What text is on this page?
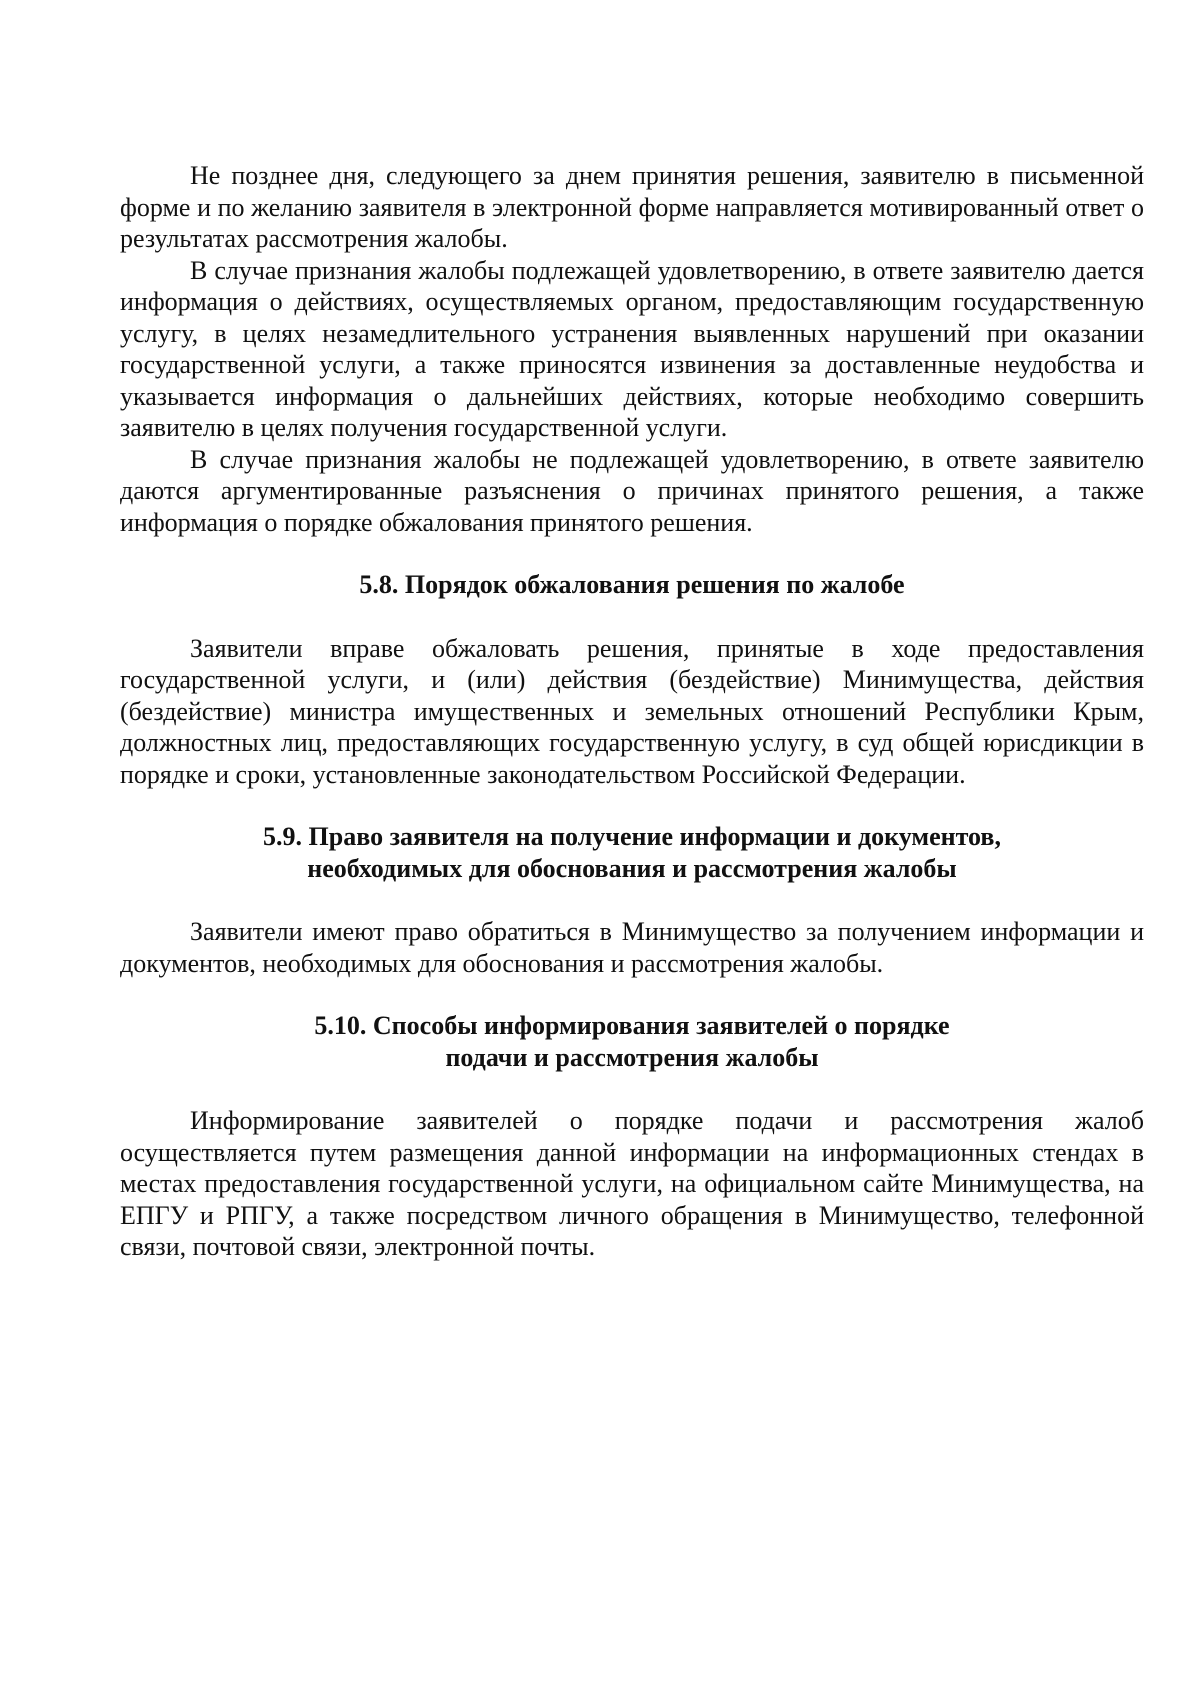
Не позднее дня, следующего за днем принятия решения, заявителю в письменной форме и по желанию заявителя в электронной форме направляется мотивированный ответ о результатах рассмотрения жалобы.

В случае признания жалобы подлежащей удовлетворению, в ответе заявителю дается информация о действиях, осуществляемых органом, предоставляющим государственную услугу, в целях незамедлительного устранения выявленных нарушений при оказании государственной услуги, а также приносятся извинения за доставленные неудобства и указывается информация о дальнейших действиях, которые необходимо совершить заявителю в целях получения государственной услуги.

В случае признания жалобы не подлежащей удовлетворению, в ответе заявителю даются аргументированные разъяснения о причинах принятого решения, а также информация о порядке обжалования принятого решения.

5.8. Порядок обжалования решения по жалобе

Заявители вправе обжаловать решения, принятые в ходе предоставления государственной услуги, и (или) действия (бездействие) Минимущества, действия (бездействие) министра имущественных и земельных отношений Республики Крым, должностных лиц, предоставляющих государственную услугу, в суд общей юрисдикции в порядке и сроки, установленные законодательством Российской Федерации.

5.9. Право заявителя на получение информации и документов,
необходимых для обоснования и рассмотрения жалобы

Заявители имеют право обратиться в Минимущество за получением информации и документов, необходимых для обоснования и рассмотрения жалобы.

5.10. Способы информирования заявителей о порядке
подачи и рассмотрения жалобы

Информирование заявителей о порядке подачи и рассмотрения жалоб осуществляется путем размещения данной информации на информационных стендах в местах предоставления государственной услуги, на официальном сайте Минимущества, на ЕПГУ и РПГУ, а также посредством личного обращения в Минимущество, телефонной связи, почтовой связи, электронной почты.
